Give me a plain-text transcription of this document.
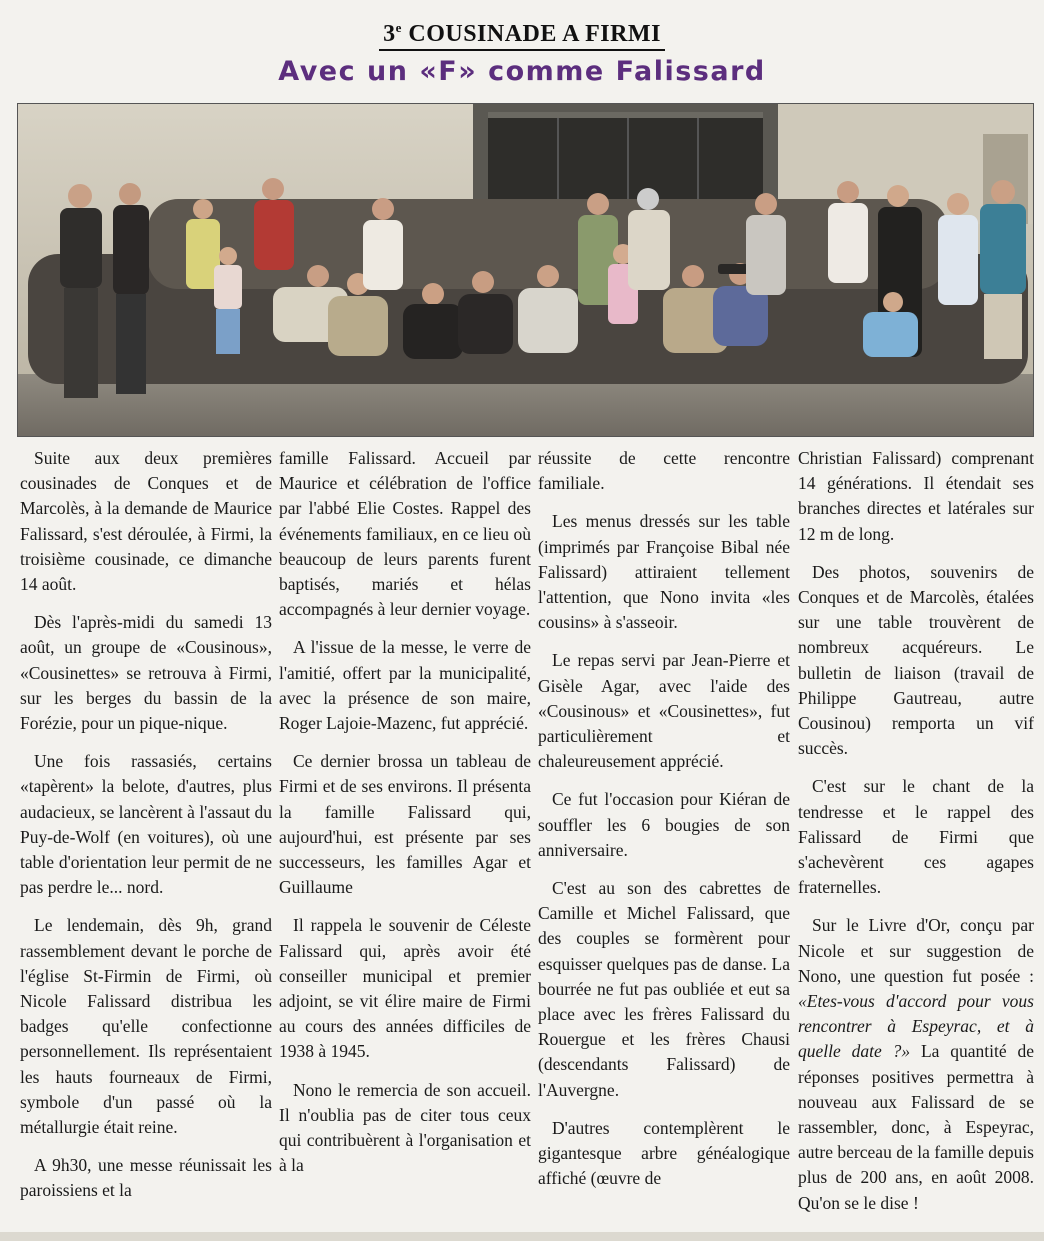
3e COUSINADE A FIRMI
Avec un «F» comme Falissard

Suite aux deux premières cousinades de Conques et de Marcolès, à la demande de Maurice Falissard, s'est déroulée, à Firmi, la troisième cousinade, ce dimanche 14 août.

Dès l'après-midi du samedi 13 août, un groupe de «Cousinous», «Cousinettes» se retrouva à Firmi, sur les berges du bassin de la Forézie, pour un pique-nique.

Une fois rassasiés, certains «tapèrent» la belote, d'autres, plus audacieux, se lancèrent à l'assaut du Puy-de-Wolf (en voitures), où une table d'orientation leur permit de ne pas perdre le... nord.

Le lendemain, dès 9h, grand rassemblement devant le porche de l'église St-Firmin de Firmi, où Nicole Falissard distribua les badges qu'elle confectionne personnellement. Ils représentaient les hauts fourneaux de Firmi, symbole d'un passé où la métallurgie était reine.

A 9h30, une messe réunissait les paroissiens et la

famille Falissard. Accueil par Maurice et célébration de l'office par l'abbé Elie Costes. Rappel des événements familiaux, en ce lieu où beaucoup de leurs parents furent baptisés, mariés et hélas accompagnés à leur dernier voyage.

A l'issue de la messe, le verre de l'amitié, offert par la municipalité, avec la présence de son maire, Roger Lajoie-Mazenc, fut apprécié.

Ce dernier brossa un tableau de Firmi et de ses environs. Il présenta la famille Falissard qui, aujourd'hui, est présente par ses successeurs, les familles Agar et Guillaume

Il rappela le souvenir de Céleste Falissard qui, après avoir été conseiller municipal et premier adjoint, se vit élire maire de Firmi au cours des années difficiles de 1938 à 1945.

Nono le remercia de son accueil. Il n'oublia pas de citer tous ceux qui contribuèrent à l'organisation et à la

réussite de cette rencontre familiale.

Les menus dressés sur les table (imprimés par Françoise Bibal née Falissard) attiraient tellement l'attention, que Nono invita «les cousins» à s'asseoir.

Le repas servi par Jean-Pierre et Gisèle Agar, avec l'aide des «Cousinous» et «Cousinettes», fut particulièrement et chaleureusement apprécié.

Ce fut l'occasion pour Kiéran de souffler les 6 bougies de son anniversaire.

C'est au son des cabrettes de Camille et Michel Falissard, que des couples se formèrent pour esquisser quelques pas de danse. La bourrée ne fut pas oubliée et eut sa place avec les frères Falissard du Rouergue et les frères Chausi (descendants Falissard) de l'Auvergne.

D'autres contemplèrent le gigantesque arbre généalogique affiché (œuvre de

Christian Falissard) comprenant 14 générations. Il étendait ses branches directes et latérales sur 12 m de long.

Des photos, souvenirs de Conques et de Marcolès, étalées sur une table trouvèrent de nombreux acquéreurs. Le bulletin de liaison (travail de Philippe Gautreau, autre Cousinou) remporta un vif succès.

C'est sur le chant de la tendresse et le rappel des Falissard de Firmi que s'achevèrent ces agapes fraternelles.

Sur le Livre d'Or, conçu par Nicole et sur suggestion de Nono, une question fut posée : «Etes-vous d'accord pour vous rencontrer à Espeyrac, et à quelle date ?» La quantité de réponses positives permettra à nouveau aux Falissard de se rassembler, donc, à Espeyrac, autre berceau de la famille depuis plus de 200 ans, en août 2008. Qu'on se le dise !
